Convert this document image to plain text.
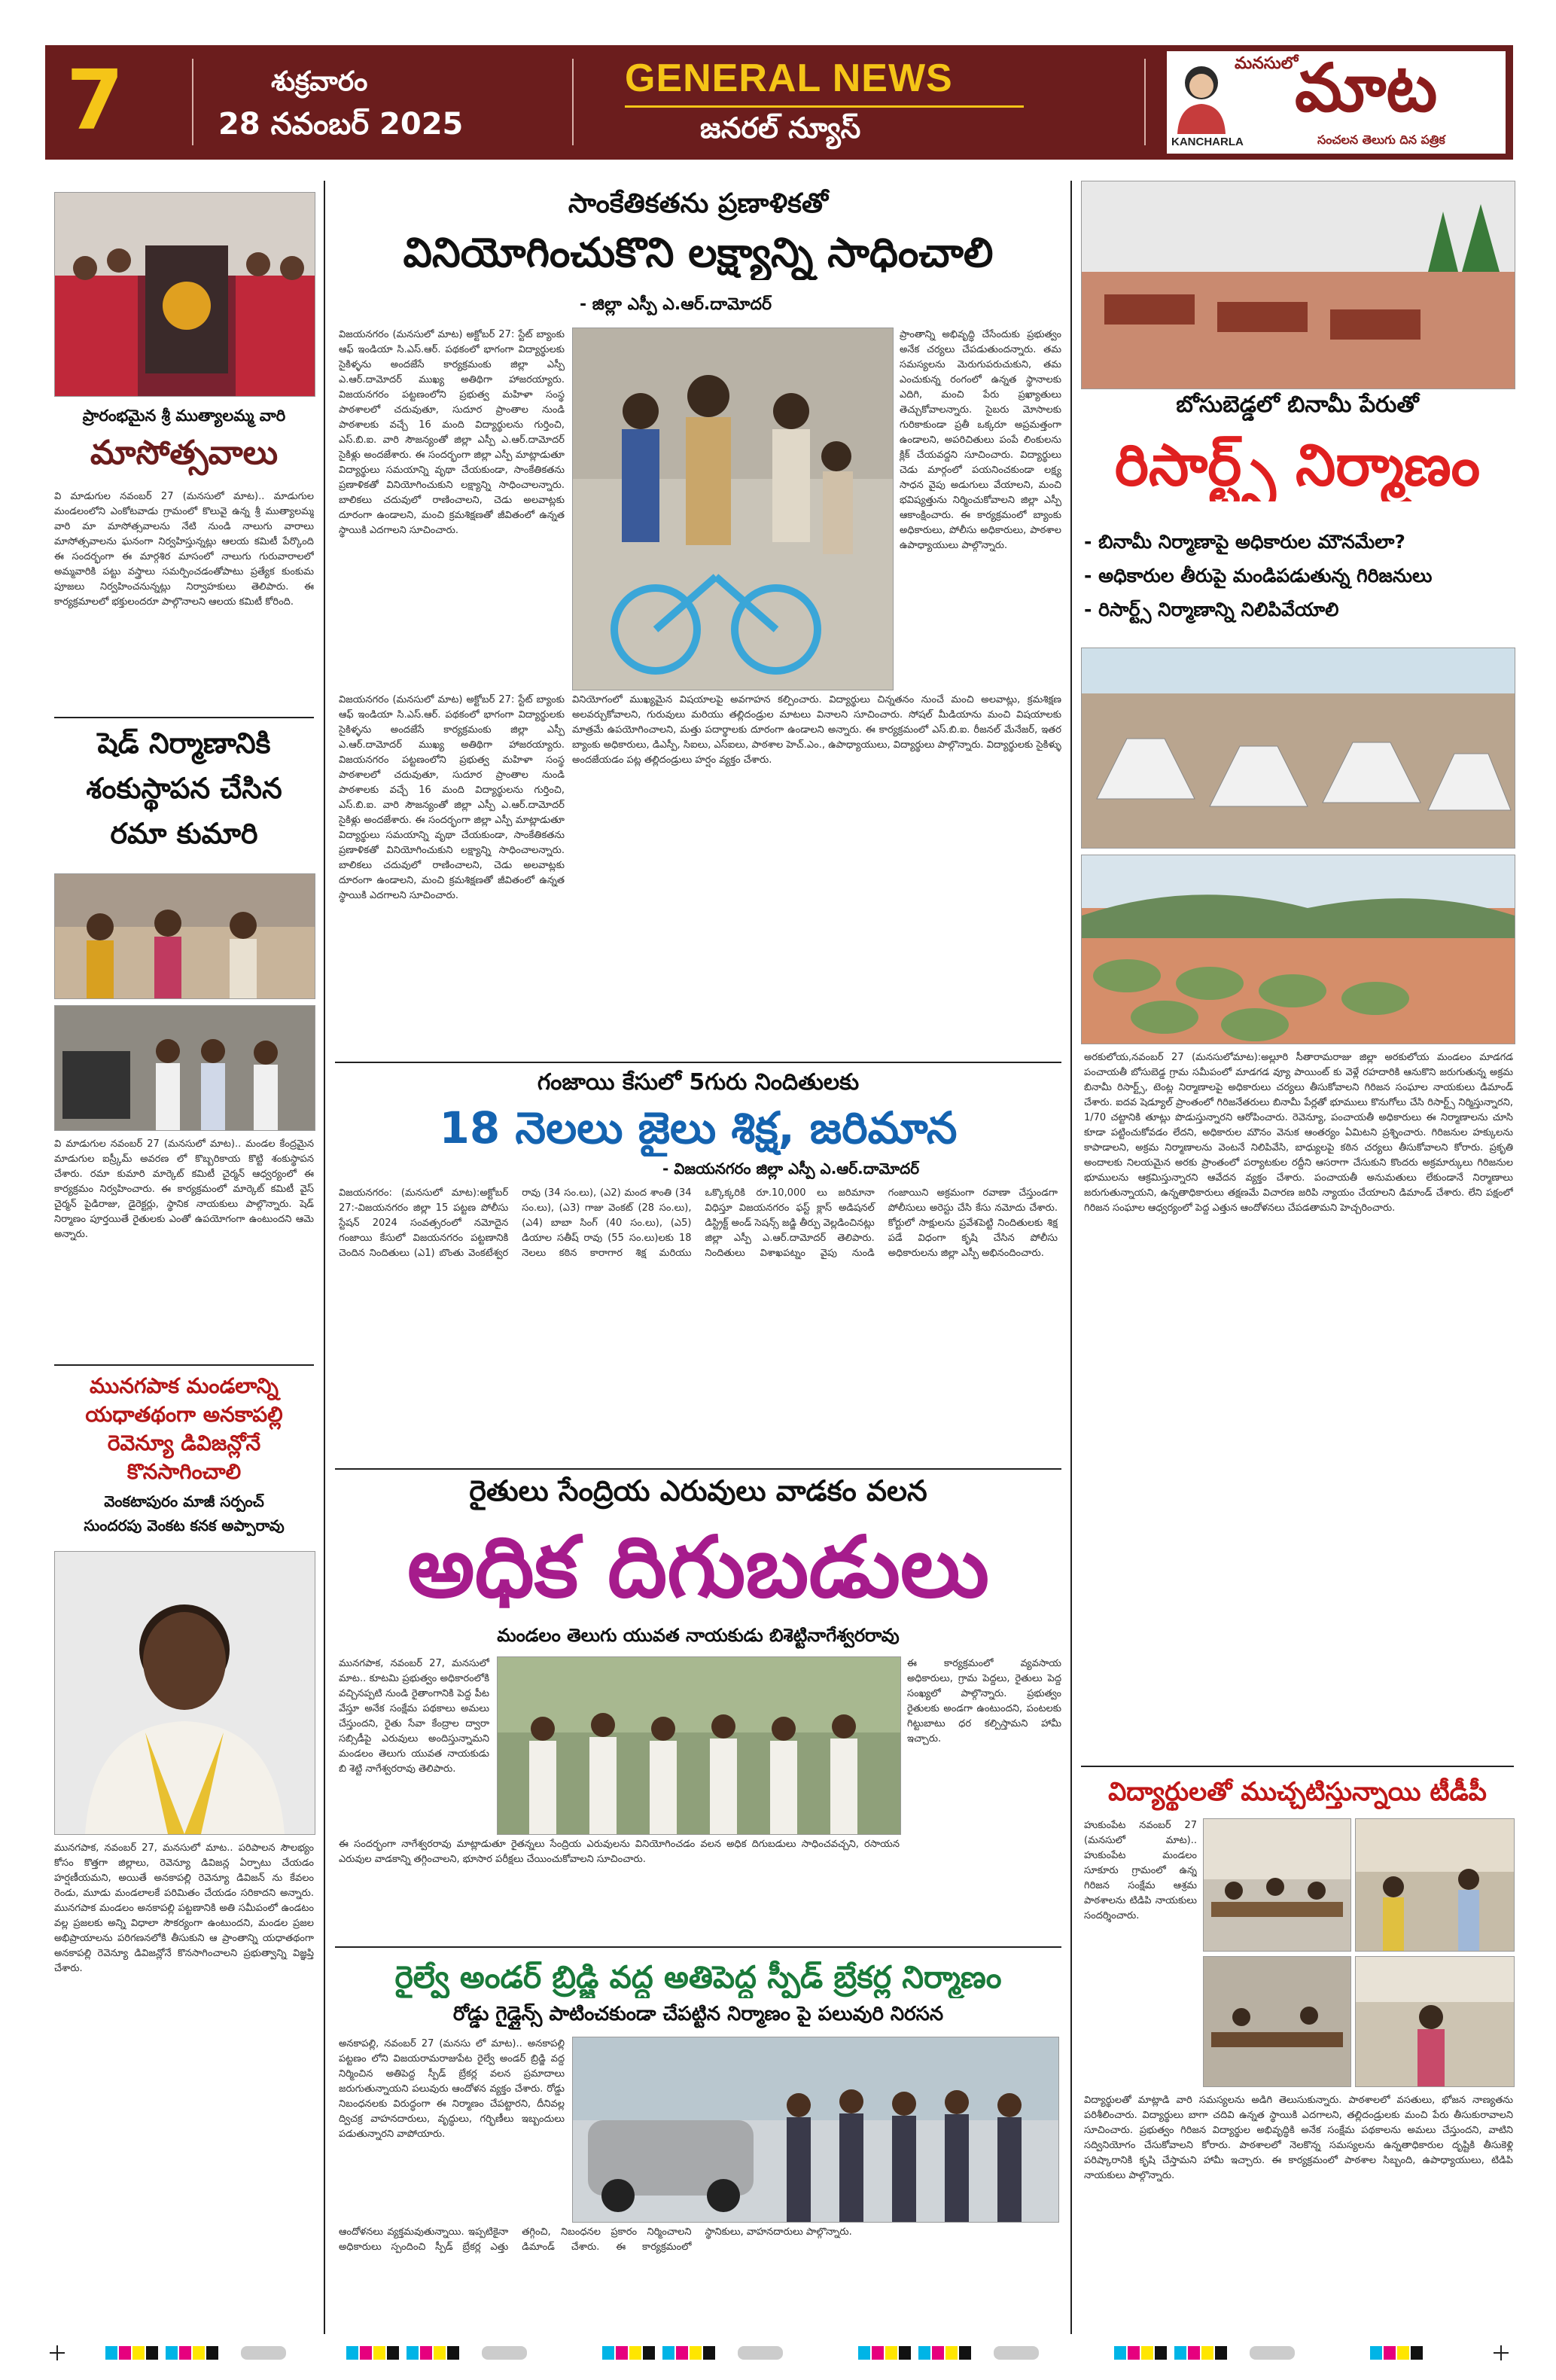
7	శుక్రవారం
28 నవంబర్ 2025
GENERAL NEWS
జనరల్ న్యూస్
మనసులో
మాట
KANCHARLA	సంచలన తెలుగు దిన పత్రిక
ప్రారంభమైన శ్రీ ముత్యాలమ్మ వారి
మాసోత్సవాలు
వి మాడుగుల నవంబర్ 27 (మనసులో మాట).. మాడుగుల మండలంలోని ఎంకోటవాడు గ్రామంలో కొలువై ఉన్న శ్రీ ముత్యాలమ్మ వారి మా మాసోత్సవాలను నేటి నుండి నాలుగు వారాలు మాసోత్సవాలను ఘనంగా నిర్వహిస్తున్నట్లు ఆలయ కమిటీ పేర్కొంది ఈ సందర్భంగా ఈ మార్గశిర మాసంలో నాలుగు గురువారాలలో అమ్మవారికి పట్టు వస్త్రాలు సమర్పించడంతోపాటు ప్రత్యేక కుంకుమ పూజలు నిర్వహించనున్నట్లు నిర్వాహకులు తెలిపారు. ఈ కార్యక్రమాలలో భక్తులందరూ పాల్గొనాలని ఆలయ కమిటీ కోరింది.
షెడ్ నిర్మాణానికి
శంకుస్థాపన చేసిన
రమా కుమారి
వి మాడుగుల నవంబర్ 27 (మనసులో మాట).. మండల కేంద్రమైన మాడుగుల ఐస్ర్కీమ్ అవరణ లో కొబ్బరికాయ కొట్టి శంకుస్థాపన చేశారు. రమా కుమారి మార్కెట్ కమిటీ చైర్మన్ ఆధ్వర్యంలో ఈ కార్యక్రమం నిర్వహించారు. ఈ కార్యక్రమంలో మార్కెట్ కమిటీ వైస్ చైర్మన్ పైడిరాజు, డైరెక్టర్లు, స్థానిక నాయకులు పాల్గొన్నారు. షెడ్ నిర్మాణం పూర్తయితే రైతులకు ఎంతో ఉపయోగంగా ఉంటుందని ఆమె అన్నారు.
మునగపాక మండలాన్ని యధాతథంగా అనకాపల్లి రెవెన్యూ డివిజన్లోనే కొనసాగించాలి
వెంకటాపురం మాజీ సర్పంచ్
సుందరపు వెంకట కనక అప్పారావు
మునగపాక, నవంబర్ 27, మనసులో మాట.. పరిపాలన సౌలభ్యం కోసం కొత్తగా జిల్లాలు, రెవెన్యూ డివిజన్ల ఏర్పాటు చేయడం హర్షణీయమని, అయితే అనకాపల్లి రెవెన్యూ డివిజన్ ను కేవలం రెండు, మూడు మండలాలకే పరిమితం చేయడం సరికాదని అన్నారు. మునగపాక మండలం అనకాపల్లి పట్టణానికి అతి సమీపంలో ఉండటం వల్ల ప్రజలకు అన్ని విధాలా సౌకర్యంగా ఉంటుందని, మండల ప్రజల అభిప్రాయాలను పరిగణనలోకి తీసుకుని ఆ ప్రాంతాన్ని యధాతథంగా అనకాపల్లి రెవెన్యూ డివిజన్లోనే కొనసాగించాలని ప్రభుత్వాన్ని విజ్ఞప్తి చేశారు.
సాంకేతికతను ప్రణాళికతో
వినియోగించుకొని లక్ష్యాన్ని సాధించాలి
- జిల్లా ఎస్పీ ఎ.ఆర్.దామోదర్
విజయనగరం (మనసులో మాట) అక్టోబర్ 27: స్టేట్ బ్యాంకు ఆఫ్ ఇండియా సి.ఎస్.ఆర్. పథకంలో భాగంగా విద్యార్థులకు సైకిళ్ళను అందజేసే కార్యక్రమంకు జిల్లా ఎస్పీ ఎ.ఆర్.దామోదర్ ముఖ్య అతిథిగా హాజరయ్యారు. విజయనగరం పట్టణంలోని ప్రభుత్వ మహిళా సంస్థ పాఠశాలలో చదువుతూ, సుదూర ప్రాంతాల నుండి పాఠశాలకు వచ్చే 16 మంది విద్యార్థులను గుర్తించి, ఎస్.బి.ఐ. వారి సౌజన్యంతో జిల్లా ఎస్పీ ఎ.ఆర్.దామోదర్ సైకిళ్లు అందజేశారు. ఈ సందర్భంగా జిల్లా ఎస్పీ మాట్లాడుతూ విద్యార్థులు సమయాన్ని వృథా చేయకుండా, సాంకేతికతను ప్రణాళికతో వినియోగించుకుని లక్ష్యాన్ని సాధించాలన్నారు. బాలికలు చదువులో రాణించాలని, చెడు అలవాట్లకు దూరంగా ఉండాలని, మంచి క్రమశిక్షణతో జీవితంలో ఉన్నత స్థాయికి ఎదగాలని సూచించారు.
ప్రాంతాన్ని అభివృద్ధి చేసేందుకు ప్రభుత్వం అనేక చర్యలు చేపడుతుందన్నారు. తమ సమస్యలను మెరుగుపరుచుకుని, తమ ఎంచుకున్న రంగంలో ఉన్నత స్థానాలకు ఎదిగి, మంచి పేరు ప్రఖ్యాతులు తెచ్చుకోవాలన్నారు. సైబరు మోసాలకు గురికాకుండా ప్రతీ ఒక్కరూ అప్రమత్తంగా ఉండాలని, అపరిచితులు పంపే లింకులను క్లిక్ చేయవద్దని సూచించారు. విద్యార్థులు చెడు మార్గంలో పయనించకుండా లక్ష్య సాధన వైపు అడుగులు వేయాలని, మంచి భవిష్యత్తును నిర్మించుకోవాలని జిల్లా ఎస్పీ ఆకాంక్షించారు. ఈ కార్యక్రమంలో బ్యాంకు అధికారులు, పోలీసు అధికారులు, పాఠశాల ఉపాధ్యాయులు పాల్గొన్నారు.
వినియోగంలో ముఖ్యమైన విషయాలపై అవగాహన కల్పించారు. విద్యార్థులు చిన్నతనం నుంచే మంచి అలవాట్లు, క్రమశిక్షణ అలవర్చుకోవాలని, గురువులు మరియు తల్లిదండ్రుల మాటలు వినాలని సూచించారు. సోషల్ మీడియాను మంచి విషయాలకు మాత్రమే ఉపయోగించాలని, మత్తు పదార్థాలకు దూరంగా ఉండాలని అన్నారు. ఈ కార్యక్రమంలో ఎస్.బి.ఐ. రీజనల్ మేనేజర్, ఇతర బ్యాంకు అధికారులు, డిఎస్పీ, సిఐలు, ఎస్ఐలు, పాఠశాల హెచ్.ఎం., ఉపాధ్యాయులు, విద్యార్థులు పాల్గొన్నారు. విద్యార్థులకు సైకిళ్ళు అందజేయడం పట్ల తల్లిదండ్రులు హర్షం వ్యక్తం చేశారు.
విజయనగరం (మనసులో మాట) అక్టోబర్ 27: స్టేట్ బ్యాంకు ఆఫ్ ఇండియా సి.ఎస్.ఆర్. పథకంలో భాగంగా విద్యార్థులకు సైకిళ్ళను అందజేసే కార్యక్రమంకు జిల్లా ఎస్పీ ఎ.ఆర్.దామోదర్ ముఖ్య అతిథిగా హాజరయ్యారు. విజయనగరం పట్టణంలోని ప్రభుత్వ మహిళా సంస్థ పాఠశాలలో చదువుతూ, సుదూర ప్రాంతాల నుండి పాఠశాలకు వచ్చే 16 మంది విద్యార్థులను గుర్తించి, ఎస్.బి.ఐ. వారి సౌజన్యంతో జిల్లా ఎస్పీ ఎ.ఆర్.దామోదర్ సైకిళ్లు అందజేశారు. ఈ సందర్భంగా జిల్లా ఎస్పీ మాట్లాడుతూ విద్యార్థులు సమయాన్ని వృథా చేయకుండా, సాంకేతికతను ప్రణాళికతో వినియోగించుకుని లక్ష్యాన్ని సాధించాలన్నారు. బాలికలు చదువులో రాణించాలని, చెడు అలవాట్లకు దూరంగా ఉండాలని, మంచి క్రమశిక్షణతో జీవితంలో ఉన్నత స్థాయికి ఎదగాలని సూచించారు.
గంజాయి కేసులో 5గురు నిందితులకు
18 నెలలు జైలు శిక్ష, జరిమాన
- విజయనగరం జిల్లా ఎస్పీ ఎ.ఆర్.దామోదర్
విజయనగరం: (మనసులో మాట):అక్టోబర్ 27:-విజయనగరం జిల్లా 15 పట్టణ పోలీసు స్టేషన్ 2024 సంవత్సరంలో నమోదైన గంజాయి కేసులో విజయనగరం పట్టణానికి చెందిన నిందితులు (ఎ1) బొంతు వెంకటేశ్వర రావు (34 సం.లు), (ఎ2) మంద శాంతి (34 సం.లు), (ఎ3) గాజు వెంకట్ (28 సం.లు), (ఎ4) బాబా సింగ్ (40 సం.లు), (ఎ5) డియాల సతీష్ రావు (55 సం.లు)లకు 18 నెలలు కఠిన కారాగార శిక్ష మరియు ఒక్కొక్కరికి రూ.10,000 లు జరిమానా విధిస్తూ విజయనగరం ఫస్ట్ క్లాస్ అడిషనల్ డిస్ట్రిక్ట్ అండ్ సెషన్స్ జడ్జి తీర్పు వెల్లడించినట్లు జిల్లా ఎస్పీ ఎ.ఆర్.దామోదర్ తెలిపారు. నిందితులు విశాఖపట్నం వైపు నుండి గంజాయిని అక్రమంగా రవాణా చేస్తుండగా పోలీసులు అరెస్టు చేసి కేసు నమోదు చేశారు. కోర్టులో సాక్షులను ప్రవేశపెట్టి నిందితులకు శిక్ష పడే విధంగా కృషి చేసిన పోలీసు అధికారులను జిల్లా ఎస్పీ అభినందించారు.
రైతులు సేంద్రియ ఎరువులు వాడకం వలన
అధిక దిగుబడులు
మండలం తెలుగు యువత నాయకుడు బిశెట్టినాగేశ్వరరావు
మునగపాక, నవంబర్ 27, మనసులో మాట.. కూటమి ప్రభుత్వం అధికారంలోకి వచ్చినప్పటి నుండి రైతాంగానికి పెద్ద పీట వేస్తూ అనేక సంక్షేమ పథకాలు అమలు చేస్తుందని, రైతు సేవా కేంద్రాల ద్వారా సబ్సిడీపై ఎరువులు అందిస్తున్నామని మండలం తెలుగు యువత నాయకుడు బి శెట్టి నాగేశ్వరరావు తెలిపారు.
ఈ కార్యక్రమంలో వ్యవసాయ అధికారులు, గ్రామ పెద్దలు, రైతులు పెద్ద సంఖ్యలో పాల్గొన్నారు. ప్రభుత్వం రైతులకు అండగా ఉంటుందని, పంటలకు గిట్టుబాటు ధర కల్పిస్తామని హామీ ఇచ్చారు.
ఈ సందర్భంగా నాగేశ్వరరావు మాట్లాడుతూ రైతన్నలు సేంద్రియ ఎరువులను వినియోగించడం వలన అధిక దిగుబడులు సాధించవచ్చని, రసాయన ఎరువుల వాడకాన్ని తగ్గించాలని, భూసార పరీక్షలు చేయించుకోవాలని సూచించారు.
రైల్వే అండర్ బ్రిడ్జి వద్ద అతిపెద్ద స్పీడ్ బ్రేకర్ల నిర్మాణం
రోడ్డు గైడ్లైన్స్ పాటించకుండా చేపట్టిన నిర్మాణం పై పలువురి నిరసన
అనకాపల్లి, నవంబర్ 27 (మనసు లో మాట).. అనకాపల్లి పట్టణం లోని విజయరామరాజుపేట రైల్వే అండర్ బ్రిడ్జి వద్ద నిర్మించిన అతిపెద్ద స్పీడ్ బ్రేకర్ల వలన ప్రమాదాలు జరుగుతున్నాయని పలువురు ఆందోళన వ్యక్తం చేశారు. రోడ్డు నిబంధనలకు విరుద్ధంగా ఈ నిర్మాణం చేపట్టారని, దీనివల్ల ద్విచక్ర వాహనదారులు, వృద్ధులు, గర్భిణీలు ఇబ్బందులు పడుతున్నారని వాపోయారు.
ఆందోళనలు వ్యక్తమవుతున్నాయి. ఇప్పటికైనా అధికారులు స్పందించి స్పీడ్ బ్రేకర్ల ఎత్తు తగ్గించి, నిబంధనల ప్రకారం నిర్మించాలని డిమాండ్ చేశారు. ఈ కార్యక్రమంలో స్థానికులు, వాహనదారులు పాల్గొన్నారు.
బోసుబెడ్డలో బినామీ పేరుతో
రిసార్ట్స్ నిర్మాణం
- బినామీ నిర్మాణాపై అధికారుల మౌనమేలా?
- అధికారుల తీరుపై మండిపడుతున్న గిరిజనులు
- రిసార్ట్స్ నిర్మాణాన్ని నిలిపివేయాలి
అరకులోయ,నవంబర్ 27 (మనసులోమాట):అల్లూరి సీతారామరాజు జిల్లా అరకులోయ మండలం మాడగడ పంచాయతీ బోసుబెడ్డ గ్రామ సమీపంలో మాడగడ వ్యూ పాయింట్ కు వెళ్లే రహదారికి ఆనుకొని జరుగుతున్న అక్రమ బినామీ రిసార్ట్స్, టెంట్ల నిర్మాణాలపై అధికారులు చర్యలు తీసుకోవాలని గిరిజన సంఘాల నాయకులు డిమాండ్ చేశారు. ఐదవ షెడ్యూల్ ప్రాంతంలో గిరిజనేతరులు బినామీ పేర్లతో భూములు కొనుగోలు చేసి రిసార్ట్స్ నిర్మిస్తున్నారని, 1/70 చట్టానికి తూట్లు పొడుస్తున్నారని ఆరోపించారు. రెవెన్యూ, పంచాయతీ అధికారులు ఈ నిర్మాణాలను చూసి కూడా పట్టించుకోవడం లేదని, అధికారుల మౌనం వెనుక ఆంతర్యం ఏమిటని ప్రశ్నించారు. గిరిజనుల హక్కులను కాపాడాలని, అక్రమ నిర్మాణాలను వెంటనే నిలిపివేసి, బాధ్యులపై కఠిన చర్యలు తీసుకోవాలని కోరారు. ప్రకృతి అందాలకు నిలయమైన అరకు ప్రాంతంలో పర్యాటకుల రద్దీని ఆసరాగా చేసుకుని కొందరు అక్రమార్కులు గిరిజనుల భూములను ఆక్రమిస్తున్నారని ఆవేదన వ్యక్తం చేశారు. పంచాయతీ అనుమతులు లేకుండానే నిర్మాణాలు జరుగుతున్నాయని, ఉన్నతాధికారులు తక్షణమే విచారణ జరిపి న్యాయం చేయాలని డిమాండ్ చేశారు. లేని పక్షంలో గిరిజన సంఘాల ఆధ్వర్యంలో పెద్ద ఎత్తున ఆందోళనలు చేపడతామని హెచ్చరించారు.
విద్యార్థులతో ముచ్చటిస్తున్నాయి టీడీపీ
హుకుంపేట నవంబర్ 27 (మనసులో మాట).. హుకుంపేట మండలం సూకూరు గ్రామంలో ఉన్న గిరిజన సంక్షేమ ఆశ్రమ పాఠశాలను టిడిపి నాయకులు సందర్శించారు.
విద్యార్థులతో మాట్లాడి వారి సమస్యలను అడిగి తెలుసుకున్నారు. పాఠశాలలో వసతులు, భోజన నాణ్యతను పరిశీలించారు. విద్యార్థులు బాగా చదివి ఉన్నత స్థాయికి ఎదగాలని, తల్లిదండ్రులకు మంచి పేరు తీసుకురావాలని సూచించారు. ప్రభుత్వం గిరిజన విద్యార్థుల అభివృద్ధికి అనేక సంక్షేమ పథకాలను అమలు చేస్తుందని, వాటిని సద్వినియోగం చేసుకోవాలని కోరారు. పాఠశాలలో నెలకొన్న సమస్యలను ఉన్నతాధికారుల దృష్టికి తీసుకెళ్లి పరిష్కారానికి కృషి చేస్తామని హామీ ఇచ్చారు. ఈ కార్యక్రమంలో పాఠశాల సిబ్బంది, ఉపాధ్యాయులు, టిడిపి నాయకులు పాల్గొన్నారు.
